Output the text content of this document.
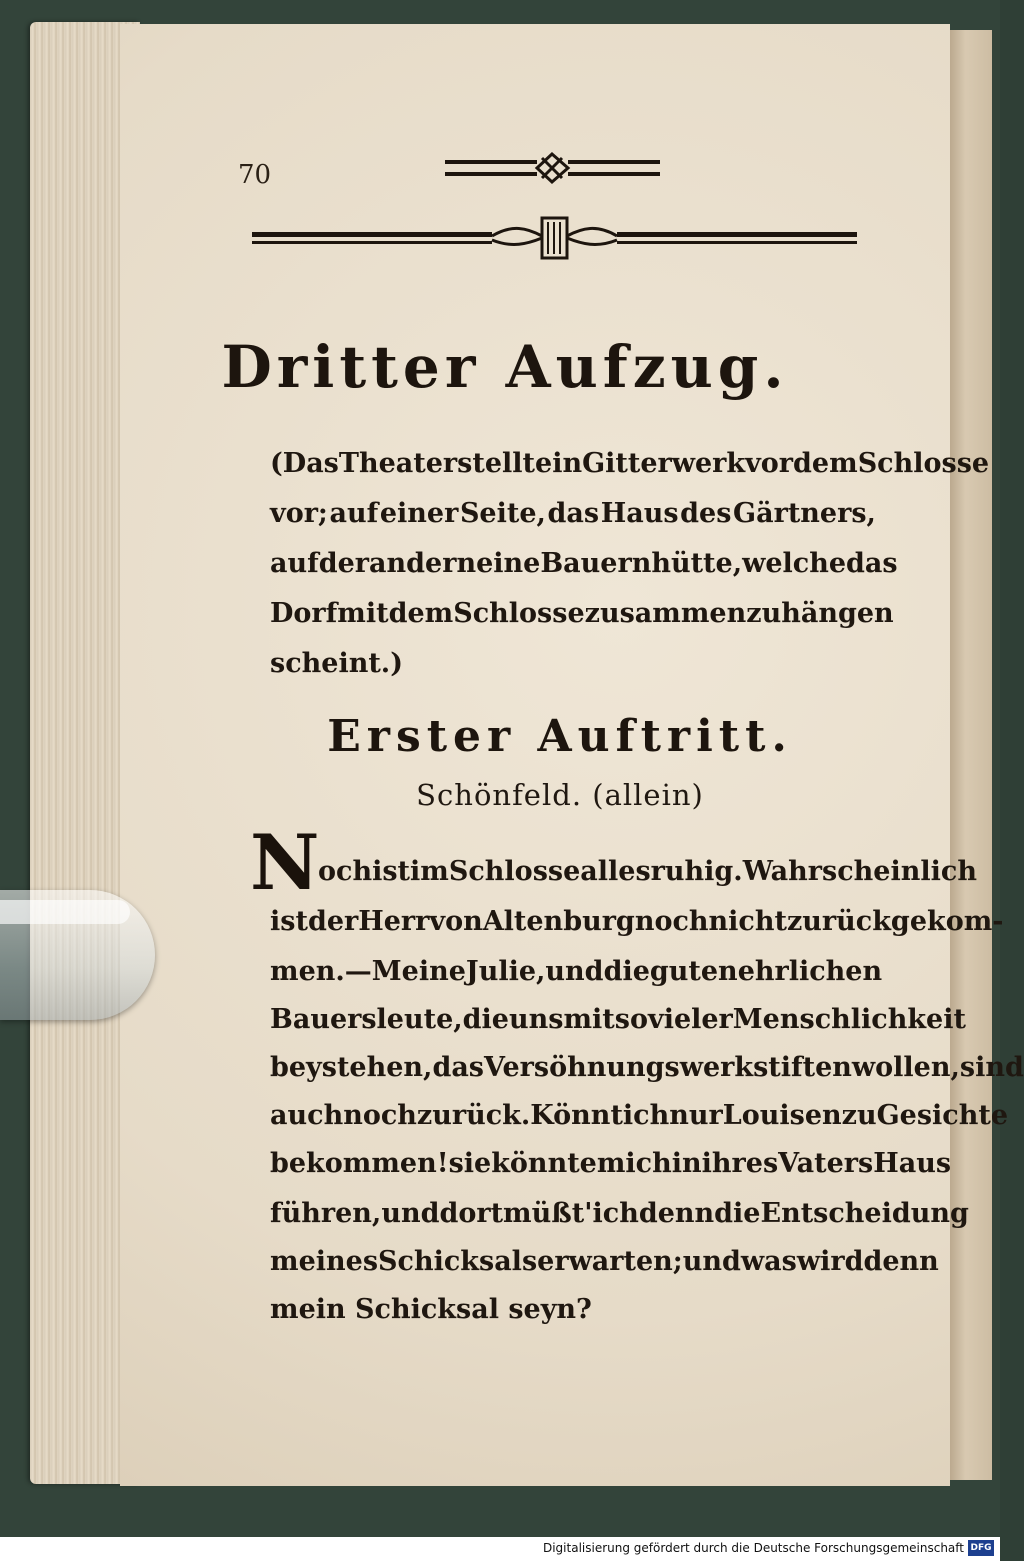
70
Dritter Aufzug.
(Das Theater stellt ein Gitterwerk vor dem Schlosse
vor; auf einer Seite, das Haus des Gärtners,
auf der andern eine Bauernhütte, welche das
Dorf mit dem Schlosse zusammen zu hängen
scheint.)
Erster Auftritt.
Schönfeld. (allein)
N
och ist im Schlosse alles ruhig. Wahrscheinlich
ist der Herr von Altenburg noch nicht zurückgekom-
men. — Meine Julie, und die guten ehrlichen
Bauersleute, die uns mit so vieler Menschlichkeit
beystehen, das Versöhnungswerk stiften wollen, sind
auch noch zurück. Könnt ich nur Louisen zu Gesichte
bekommen! sie könnte mich in ihres Vaters Haus
führen, und dort müßt' ich denn die Entscheidung
meines Schicksals erwarten; und was wird denn
mein Schicksal seyn?
Digitalisierung gefördert durch die Deutsche Forschungsgemeinschaft DFG
